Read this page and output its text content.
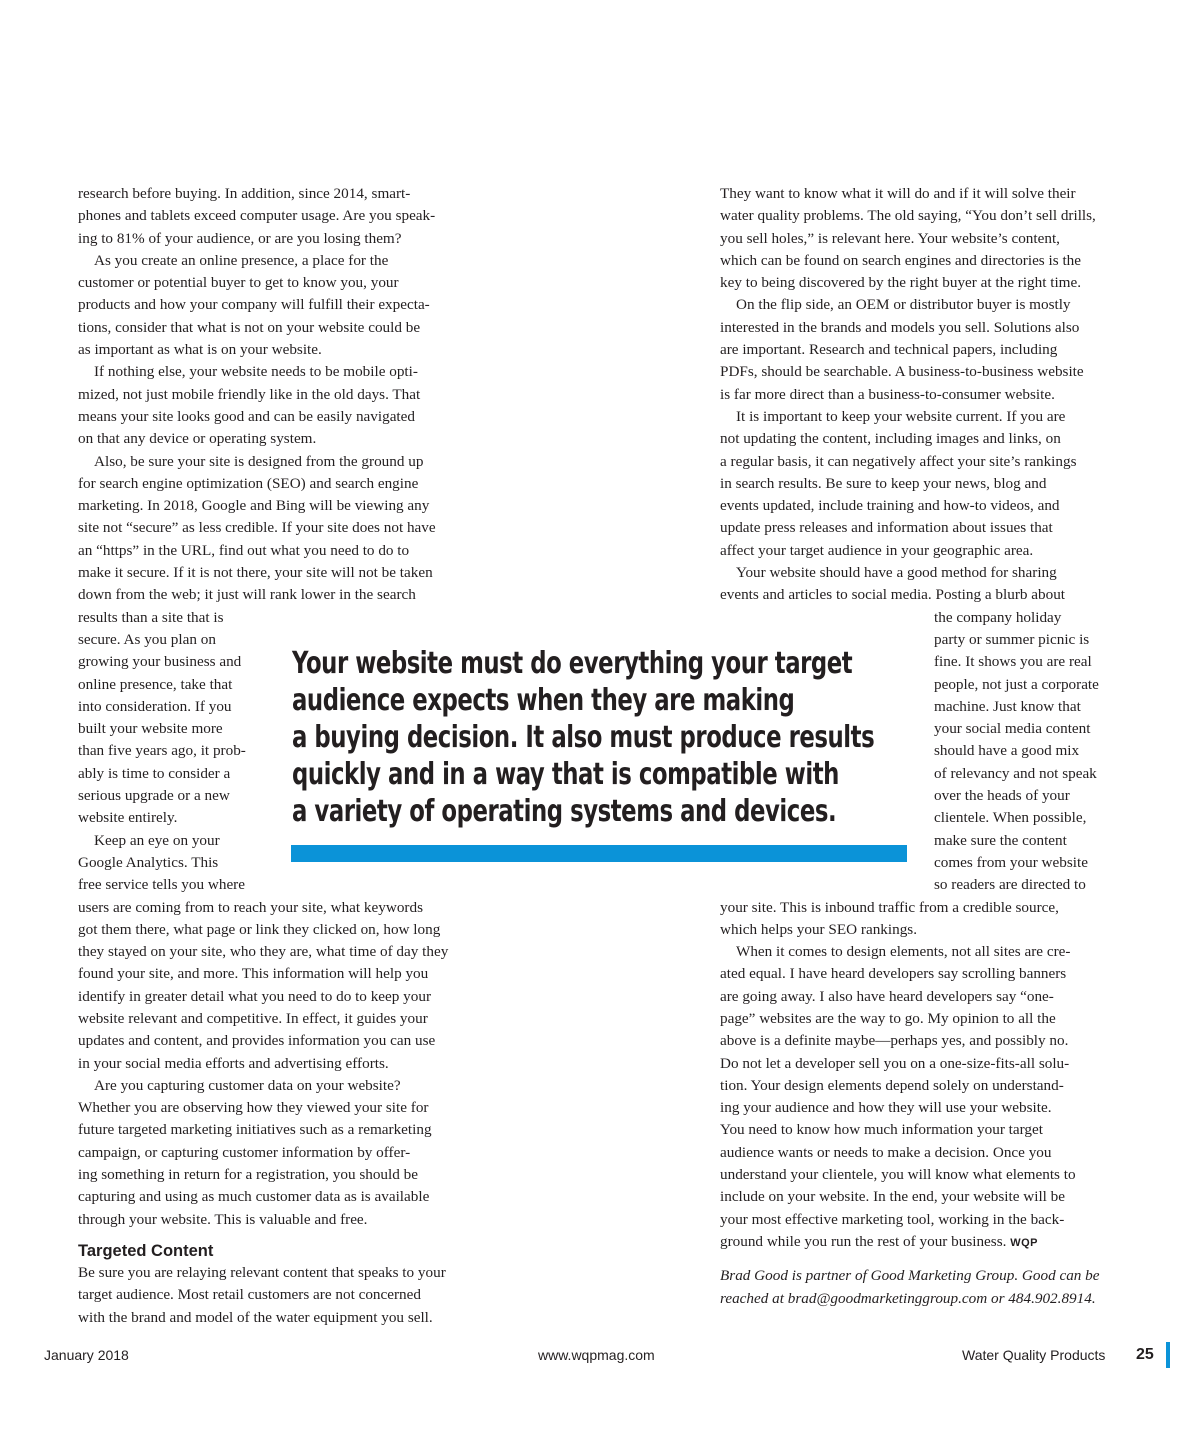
research before buying. In addition, since 2014, smart-
phones and tablets exceed computer usage. Are you speak-
ing to 81% of your audience, or are you losing them?
As you create an online presence, a place for the
customer or potential buyer to get to know you, your
products and how your company will fulfill their expecta-
tions, consider that what is not on your website could be
as important as what is on your website.
If nothing else, your website needs to be mobile opti-
mized, not just mobile friendly like in the old days. That
means your site looks good and can be easily navigated
on that any device or operating system.
Also, be sure your site is designed from the ground up
for search engine optimization (SEO) and search engine
marketing. In 2018, Google and Bing will be viewing any
site not “secure” as less credible. If your site does not have
an “https” in the URL, find out what you need to do to
make it secure. If it is not there, your site will not be taken
down from the web; it just will rank lower in the search
results than a site that is
secure. As you plan on
growing your business and
online presence, take that
into consideration. If you
built your website more
than five years ago, it prob-
ably is time to consider a
serious upgrade or a new
website entirely.
Keep an eye on your
Google Analytics. This
free service tells you where
users are coming from to reach your site, what keywords
got them there, what page or link they clicked on, how long
they stayed on your site, who they are, what time of day they
found your site, and more. This information will help you
identify in greater detail what you need to do to keep your
website relevant and competitive. In effect, it guides your
updates and content, and provides information you can use
in your social media efforts and advertising efforts.
Are you capturing customer data on your website?
Whether you are observing how they viewed your site for
future targeted marketing initiatives such as a remarketing
campaign, or capturing customer information by offer-
ing something in return for a registration, you should be
capturing and using as much customer data as is available
through your website. This is valuable and free.
Targeted Content
Be sure you are relaying relevant content that speaks to your
target audience. Most retail customers are not concerned
with the brand and model of the water equipment you sell.
They want to know what it will do and if it will solve their
water quality problems. The old saying, “You don’t sell drills,
you sell holes,” is relevant here. Your website’s content,
which can be found on search engines and directories is the
key to being discovered by the right buyer at the right time.
On the flip side, an OEM or distributor buyer is mostly
interested in the brands and models you sell. Solutions also
are important. Research and technical papers, including
PDFs, should be searchable. A business-to-business website
is far more direct than a business-to-consumer website.
It is important to keep your website current. If you are
not updating the content, including images and links, on
a regular basis, it can negatively affect your site’s rankings
in search results. Be sure to keep your news, blog and
events updated, include training and how-to videos, and
update press releases and information about issues that
affect your target audience in your geographic area.
Your website should have a good method for sharing
events and articles to social media. Posting a blurb about
the company holiday
party or summer picnic is
fine. It shows you are real
people, not just a corporate
machine. Just know that
your social media content
should have a good mix
of relevancy and not speak
over the heads of your
clientele. When possible,
make sure the content
comes from your website
so readers are directed to
your site. This is inbound traffic from a credible source,
which helps your SEO rankings.
When it comes to design elements, not all sites are cre-
ated equal. I have heard developers say scrolling banners
are going away. I also have heard developers say “one-
page” websites are the way to go. My opinion to all the
above is a definite maybe—perhaps yes, and possibly no.
Do not let a developer sell you on a one-size-fits-all solu-
tion. Your design elements depend solely on understand-
ing your audience and how they will use your website.
You need to know how much information your target
audience wants or needs to make a decision. Once you
understand your clientele, you will know what elements to
include on your website. In the end, your website will be
your most effective marketing tool, working in the back-
ground while you run the rest of your business. WQP
Brad Good is partner of Good Marketing Group. Good can be
reached at brad@goodmarketinggroup.com or 484.902.8914.
Your website must do everything your target
audience expects when they are making
a buying decision. It also must produce results
quickly and in a way that is compatible with
a variety of operating systems and devices.
January 2018	www.wqpmag.com	Water Quality Products 25
